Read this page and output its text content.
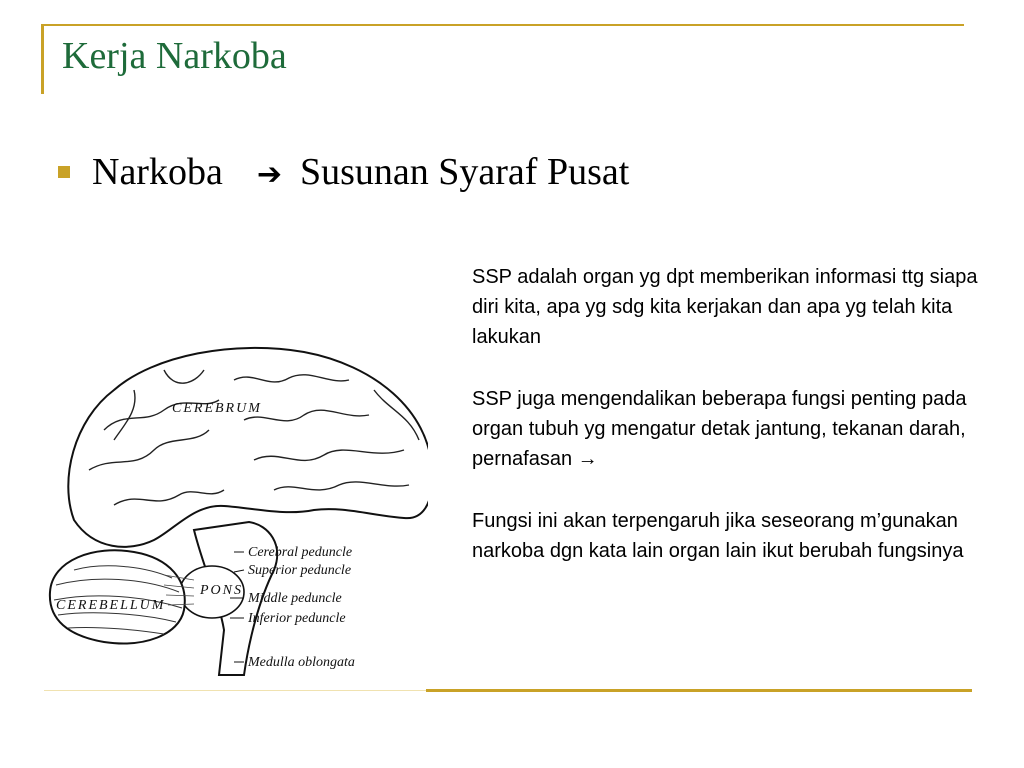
Kerja Narkoba
Narkoba ➔ Susunan Syaraf Pusat
CEREBRUM
CEREBELLUM
PONS
Cerebral peduncle
Superior peduncle
Middle peduncle
Inferior peduncle
Medulla oblongata

SSP adalah organ yg dpt memberikan informasi ttg siapa diri kita, apa yg sdg kita kerjakan dan apa yg telah kita lakukan

SSP juga mengendalikan beberapa fungsi penting pada organ tubuh yg mengatur detak jantung, tekanan darah, pernafasan →

Fungsi ini akan terpengaruh jika seseorang m’gunakan narkoba dgn kata lain organ lain ikut berubah fungsinya
